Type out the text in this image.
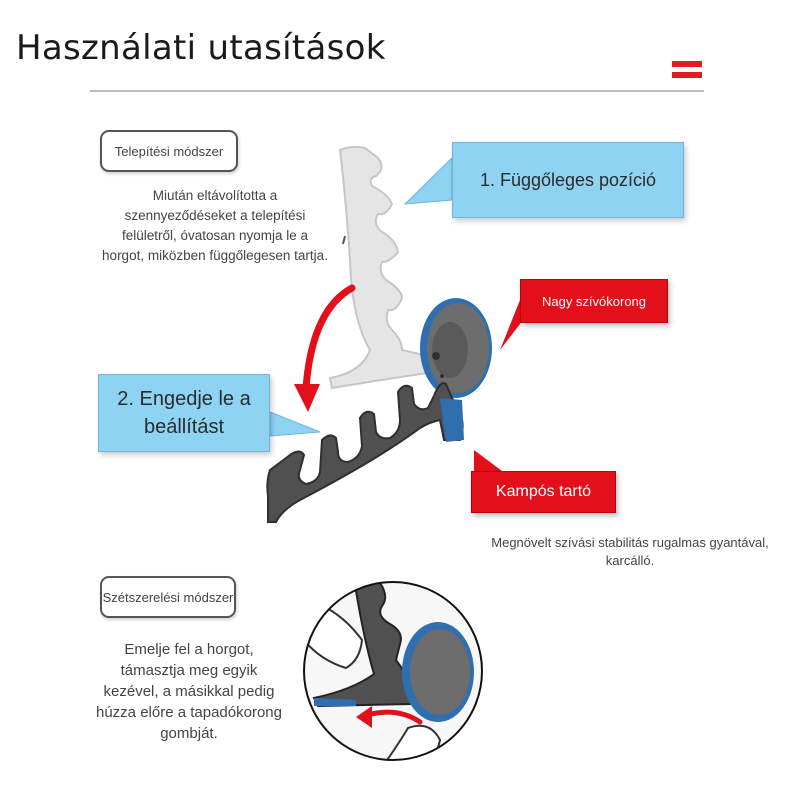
Használati utasítások
Telepítési módszer
Miután eltávolította a szennyeződéseket a telepítési felületről, óvatosan nyomja le a horgot, miközben függőlegesen tartja.
1. Függőleges pozíció
2. Engedje le a beállítást
Nagy szívókorong
Kampós tartó
Megnövelt szívási stabilitás rugalmas gyantával, karcálló.
Szétszerelési módszer
Emelje fel a horgot, támasztja meg egyik kezével, a másikkal pedig húzza előre a tapadókorong gombját.
